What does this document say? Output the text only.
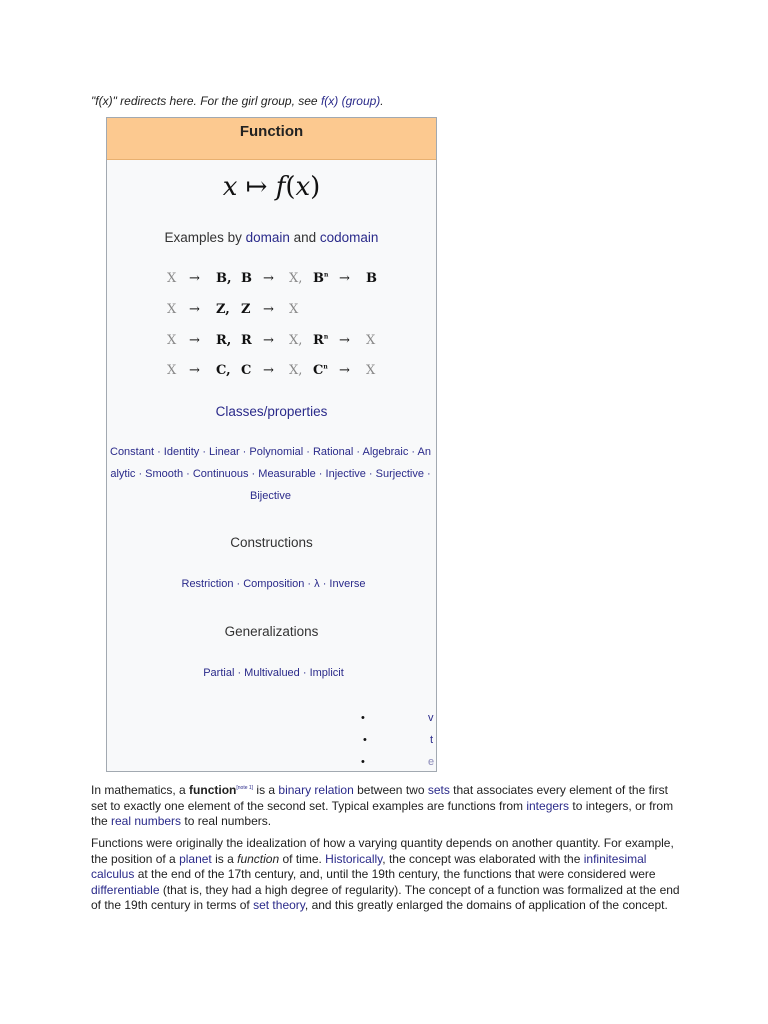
"f(x)" redirects here. For the girl group, see f(x) (group).
Function
x ↦ f(x)
Examples by domain and codomain
X → B, B → X, $B^n \to B$
X → Z, Z → X
X → R, R → X, $R^n \to X$
X → C, C → X, $C^n \to X$
Classes/properties
Constant · Identity · Linear · Polynomial · Rational · Algebraic · Analytic · Smooth · Continuous · Measurable · Injective · Surjective · Bijective
Constructions
Restriction · Composition · λ · Inverse
Generalizations
Partial · Multivalued · Implicit
•	v
•	t
•	e
In mathematics, a function[note 1] is a binary relation between two sets that associates every element of the first set to exactly one element of the second set. Typical examples are functions from integers to integers, or from the real numbers to real numbers.
Functions were originally the idealization of how a varying quantity depends on another quantity. For example, the position of a planet is a function of time. Historically, the concept was elaborated with the infinitesimal calculus at the end of the 17th century, and, until the 19th century, the functions that were considered were differentiable (that is, they had a high degree of regularity). The concept of a function was formalized at the end of the 19th century in terms of set theory, and this greatly enlarged the domains of application of the concept.
